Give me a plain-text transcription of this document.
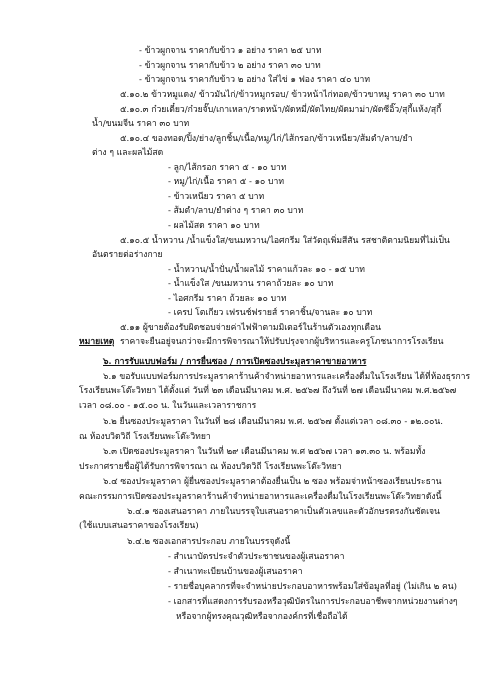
- ข้าวผูกจาน ราคากับข้าว ๑ อย่าง ราคา ๒๕ บาท
- ข้าวผูกจาน ราคากับข้าว ๒ อย่าง ราคา ๓๐ บาท
- ข้าวผูกจาน ราคากับข้าว ๒ อย่าง ใส่ไข่ ๑ ฟอง ราคา ๔๐ บาท
๕.๑๐.๒ ข้าวหมูแดง/ ข้าวมันไก่/ข้าวหมูกรอบ/ ข้าวหน้าไก่ทอด/ข้าวขาหมู ราคา ๓๐ บาท
๕.๑๐.๓ ก๋วยเตี๋ยว/ก๋วยจั๊บ/เกาเหลา/ราดหน้า/ผัดหมี่/ผัดไทย/ผัดมาม่า/ผัดซีอิ๊ว/สุกี้แห้ง/สุกี้
น้ำ/ขนมจีน ราคา ๓๐ บาท
๕.๑๐.๔ ของทอด/ปิ้ง/ย่าง/ลูกชิ้น/เนื้อ/หมู/ไก่/ไส้กรอก/ข้าวเหนียว/ส้มตำ/ลาบ/ยำ
ต่าง ๆ และผลไม้สด
- ลูก/ไส้กรอก ราคา ๕ - ๑๐ บาท
- หมู/ไก่/เนื้อ ราคา ๕ - ๑๐ บาท
- ข้าวเหนียว ราคา ๕ บาท
- ส้มตำ/ลาบ/ยำต่าง ๆ ราคา ๓๐ บาท
- ผลไม้สด ราคา ๑๐ บาท
๕.๑๐.๕ น้ำหวาน /น้ำแข็งใส/ขนมหวาน/ไอศกรีม ใส่วัตถุเพิ่มสีสัน รสชาติตามนิยมที่ไม่เป็น
อันตรายต่อร่างกาย
- น้ำหวาน/น้ำปั่น/น้ำผลไม้ ราคาแก้วละ ๑๐ - ๑๕ บาท
- น้ำแข็งใส /ขนมหวาน ราคาถ้วยละ ๑๐ บาท
- ไอศกรีม ราคา ถ้วยละ ๑๐ บาท
- เครป โตเกียว เฟรนช์ฟรายส์ ราคาชิ้น/จานละ ๑๐ บาท
๕.๑๑ ผู้ขายต้องรับผิดชอบจ่ายค่าไฟฟ้าตามมิเตอร์ในร้านตัวเองทุกเดือน
หมายเหตุ ราคาจะยืนอยู่จนกว่าจะมีการพิจารณาให้ปรับปรุงจากผู้บริหารและครูโภชนาการโรงเรียน
๖. การรับแบบฟอร์ม / การยื่นซอง / การเปิดซองประมูลราคาขายอาหาร
๖.๑ ขอรับแบบฟอร์มการประมูลราคาร้านค้าจำหน่ายอาหารและเครื่องดื่มในโรงเรียน ได้ที่ห้องธุรการ
โรงเรียนพะโต๊ะวิทยา ได้ตั้งแต่ วันที่ ๒๓ เดือนมีนาคม พ.ศ. ๒๕๖๗ ถึงวันที่ ๒๗ เดือนมีนาคม พ.ศ.๒๕๖๗
เวลา ๐๘.๐๐ - ๑๕.๐๐ น. ในวันและเวลาราชการ
๖.๒ ยื่นซองประมูลราคา ในวันที่ ๒๘ เดือนมีนาคม พ.ศ. ๒๕๖๗ ตั้งแต่เวลา ๐๘.๓๐ - ๑๒.๐๐น.
ณ ห้องบวิดวิถี โรงเรียนพะโต๊ะวิทยา
๖.๓ เปิดซองประมูลราคา ในวันที่ ๒๙ เดือนมีนาคม พ.ศ ๒๕๖๗ เวลา ๑๓.๓๐ น. พร้อมทั้ง
ประกาศรายชื่อผู้ได้รับการพิจารณา ณ ห้องบวิดวิถี โรงเรียนพะโต๊ะวิทยา
๖.๔ ซองประมูลราคา ผู้ยื่นซองประมูลราคาต้องยื่นเป็น ๒ ซอง พร้อมจ่าหน้าซองเรียนประธาน
คณะกรรมการเปิดซองประมูลราคาร้านค้าจำหน่ายอาหารและเครื่องดื่มในโรงเรียนพะโต๊ะวิทยาดังนี้
๖.๔.๑ ซองเสนอราคา ภายในบรรจุใบเสนอราคาเป็นตัวเลขและตัวอักษรตรงกันชัดเจน
(ใช้แบบเสนอราคาของโรงเรียน)
๖.๔.๒ ซองเอกสารประกอบ ภายในบรรจุดังนี้
- สำเนาบัตรประจำตัวประชาชนของผู้เสนอราคา
- สำเนาทะเบียนบ้านของผู้เสนอราคา
- รายชื่อบุคลากรที่จะจำหน่ายประกอบอาหารพร้อมใส่ข้อมูลที่อยู่ (ไม่เกิน ๒ คน)
- เอกสารที่แสดงการรับรองหรือวุฒิบัตรในการประกอบอาชีพจากหน่วยงานต่างๆ
หรือจากผู้ทรงคุณวุฒิหรือจากองค์กรที่เชื่อถือได้
